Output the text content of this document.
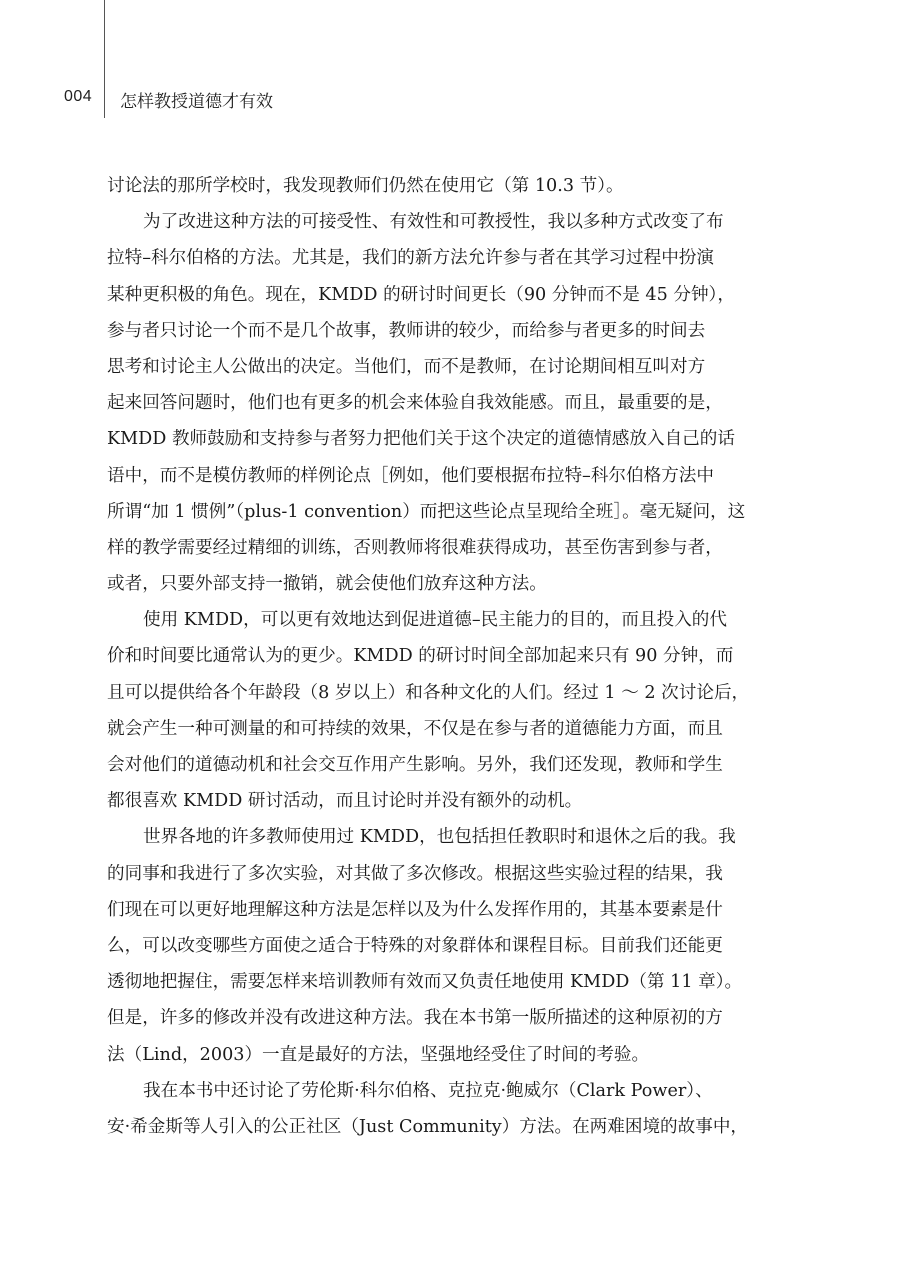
004 怎样教授道德才有效
讨论法的那所学校时，我发现教师们仍然在使用它（第 10.3 节）。
为了改进这种方法的可接受性、有效性和可教授性，我以多种方式改变了布
拉特–科尔伯格的方法。尤其是，我们的新方法允许参与者在其学习过程中扮演
某种更积极的角色。现在，KMDD 的研讨时间更长（90 分钟而不是 45 分钟），
参与者只讨论一个而不是几个故事，教师讲的较少，而给参与者更多的时间去
思考和讨论主人公做出的决定。当他们，而不是教师，在讨论期间相互叫对方
起来回答问题时，他们也有更多的机会来体验自我效能感。而且，最重要的是，
KMDD 教师鼓励和支持参与者努力把他们关于这个决定的道德情感放入自己的话
语中，而不是模仿教师的样例论点［例如，他们要根据布拉特–科尔伯格方法中
所谓“加 1 惯例”（plus-1 convention）而把这些论点呈现给全班］。毫无疑问，这
样的教学需要经过精细的训练，否则教师将很难获得成功，甚至伤害到参与者，
或者，只要外部支持一撤销，就会使他们放弃这种方法。
使用 KMDD，可以更有效地达到促进道德–民主能力的目的，而且投入的代
价和时间要比通常认为的更少。KMDD 的研讨时间全部加起来只有 90 分钟，而
且可以提供给各个年龄段（8 岁以上）和各种文化的人们。经过 1 ～ 2 次讨论后，
就会产生一种可测量的和可持续的效果，不仅是在参与者的道德能力方面，而且
会对他们的道德动机和社会交互作用产生影响。另外，我们还发现，教师和学生
都很喜欢 KMDD 研讨活动，而且讨论时并没有额外的动机。
世界各地的许多教师使用过 KMDD，也包括担任教职时和退休之后的我。我
的同事和我进行了多次实验，对其做了多次修改。根据这些实验过程的结果，我
们现在可以更好地理解这种方法是怎样以及为什么发挥作用的，其基本要素是什
么，可以改变哪些方面使之适合于特殊的对象群体和课程目标。目前我们还能更
透彻地把握住，需要怎样来培训教师有效而又负责任地使用 KMDD（第 11 章）。
但是，许多的修改并没有改进这种方法。我在本书第一版所描述的这种原初的方
法（Lind，2003）一直是最好的方法，坚强地经受住了时间的考验。
我在本书中还讨论了劳伦斯·科尔伯格、克拉克·鲍威尔（Clark Power）、
安·希金斯等人引入的公正社区（Just Community）方法。在两难困境的故事中，
